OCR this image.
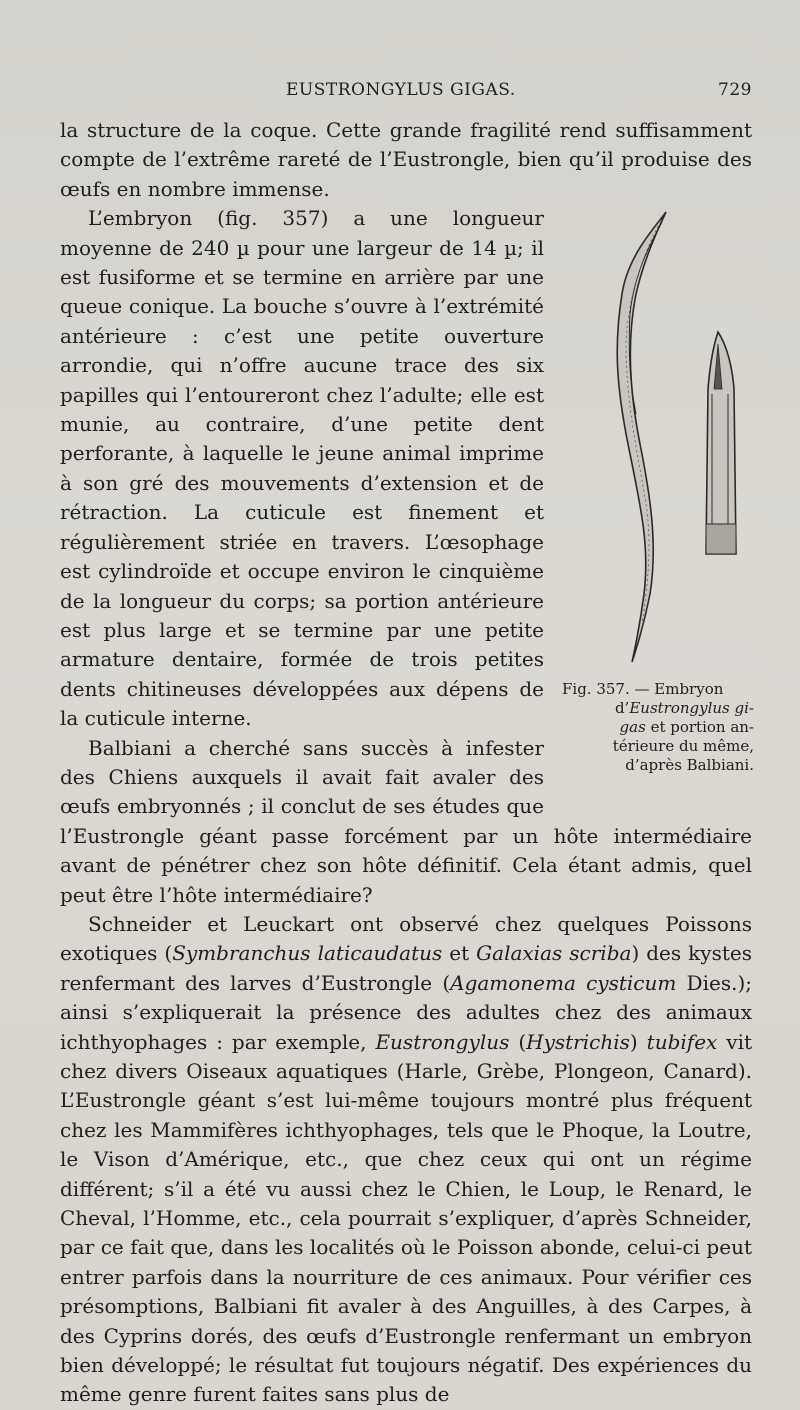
EUSTRONGYLUS GIGAS.	729

la structure de la coque. Cette grande fragilité rend suffisamment compte de l’extrême rareté de l’Eustrongle, bien qu’il produise des œufs en nombre immense.

Fig. 357. — Embryon
d’Eustrongylus gi-
gas et portion an-
térieure du même,
d’après Balbiani.

L’embryon (fig. 357) a une longueur moyenne de 240 µ pour une largeur de 14 µ; il est fusiforme et se termine en arrière par une queue conique. La bouche s’ouvre à l’extrémité antérieure : c’est une petite ouverture arrondie, qui n’offre aucune trace des six papilles qui l’entoureront chez l’adulte; elle est munie, au contraire, d’une petite dent perforante, à laquelle le jeune animal imprime à son gré des mouvements d’extension et de rétraction. La cuticule est finement et régulièrement striée en travers. L’œsophage est cylindroïde et occupe environ le cinquième de la longueur du corps; sa portion antérieure est plus large et se termine par une petite armature dentaire, formée de trois petites dents chitineuses développées aux dépens de la cuticule interne.

Balbiani a cherché sans succès à infester des Chiens auxquels il avait fait avaler des œufs embryonnés ; il conclut de ses études que l’Eustrongle géant passe forcément par un hôte intermédiaire avant de pénétrer chez son hôte définitif. Cela étant admis, quel peut être l’hôte intermédiaire?

Schneider et Leuckart ont observé chez quelques Poissons exotiques (Symbranchus laticaudatus et Galaxias scriba) des kystes renfermant des larves d’Eustrongle (Agamonema cysticum Dies.); ainsi s’expliquerait la présence des adultes chez des animaux ichthyophages : par exemple, Eustrongylus (Hystrichis) tubifex vit chez divers Oiseaux aquatiques (Harle, Grèbe, Plongeon, Canard). L’Eustrongle géant s’est lui-même toujours montré plus fréquent chez les Mammifères ichthyophages, tels que le Phoque, la Loutre, le Vison d’Amérique, etc., que chez ceux qui ont un régime différent; s’il a été vu aussi chez le Chien, le Loup, le Renard, le Cheval, l’Homme, etc., cela pourrait s’expliquer, d’après Schneider, par ce fait que, dans les localités où le Poisson abonde, celui-ci peut entrer parfois dans la nourriture de ces animaux. Pour vérifier ces présomptions, Balbiani fit avaler à des Anguilles, à des Carpes, à des Cyprins dorés, des œufs d’Eustrongle renfermant un embryon bien développé; le résultat fut toujours négatif. Des expériences du même genre furent faites sans plus de
